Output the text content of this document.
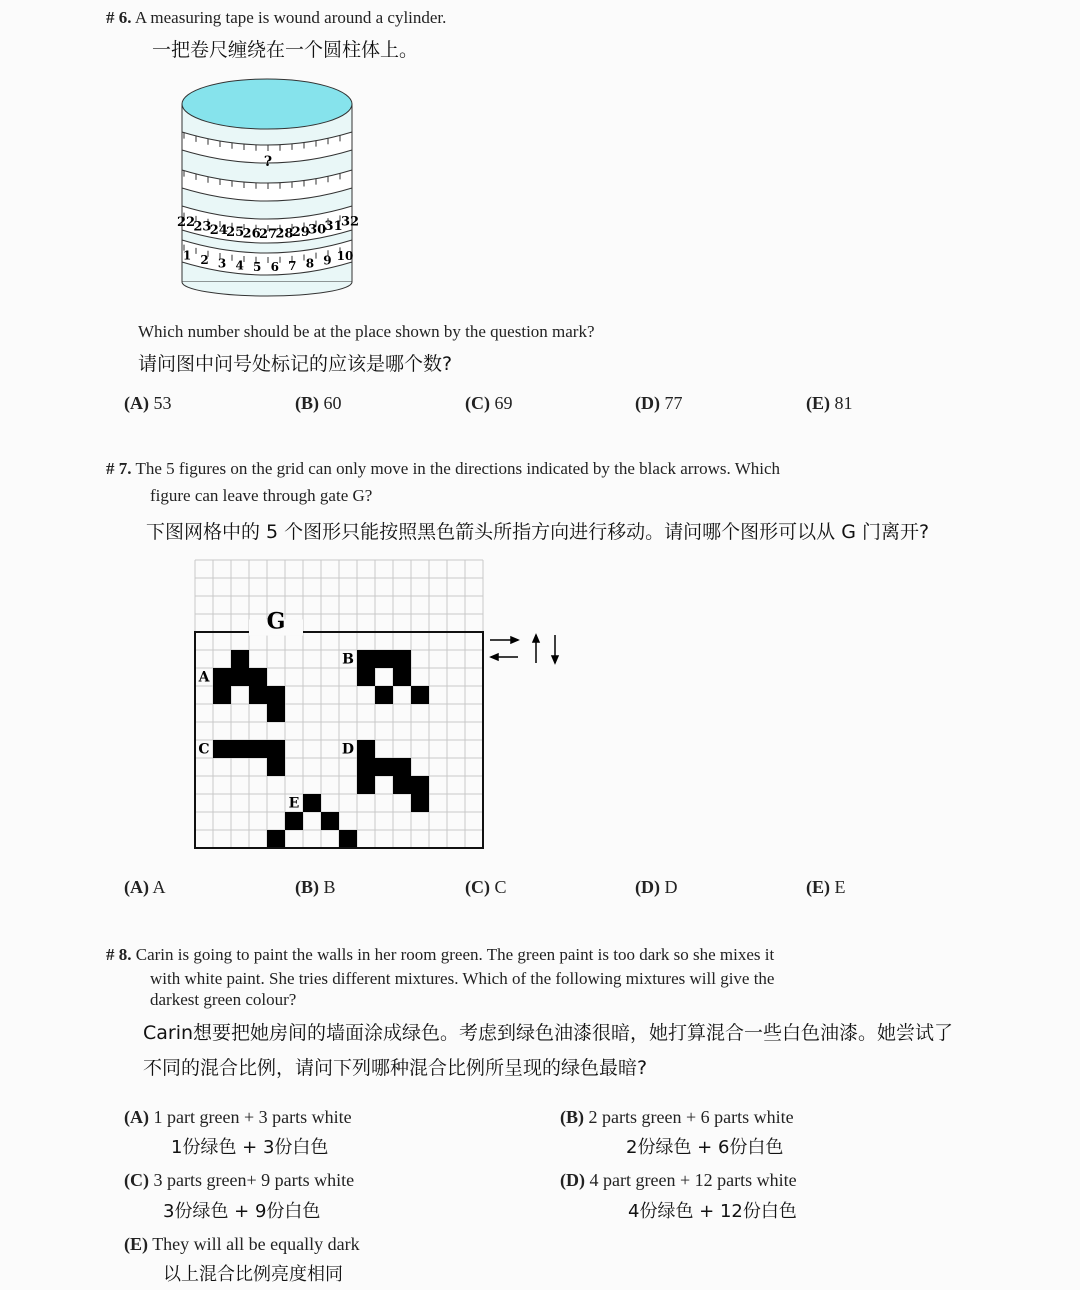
# 6. A measuring tape is wound around a cylinder.
一把卷尺缠绕在一个圆柱体上。
?
22
23
24
25
26
27
28
29
30
31
32
1 2 3 4 5 6 7 8 9 10
Which number should be at the place shown by the question mark?
请问图中问号处标记的应该是哪个数?
# 7. The 5 figures on the grid can only move in the directions indicated by the black arrows. Which
figure can leave through gate G?
下图网格中的 5 个图形只能按照黑色箭头所指方向进行移动。请问哪个图形可以从 G 门离开?
G
A
B
C	D
E
# 8. Carin is going to paint the walls in her room green. The green paint is too dark so she mixes it
with white paint. She tries different mixtures. Which of the following mixtures will give the
darkest green colour?
Carin想要把她房间的墙面涂成绿色。考虑到绿色油漆很暗，她打算混合一些白色油漆。她尝试了
不同的混合比例，请问下列哪种混合比例所呈现的绿色最暗?
(A) 53	(B) 60	(C) 69	(D) 77	(E) 81
(A) A	(B) B	(C) C	(D) D	(E) E
(A) 1 part green + 3 parts white
1份绿色 + 3份白色
(B) 2 parts green + 6 parts white
2份绿色 + 6份白色
(C) 3 parts green+ 9 parts white
3份绿色 + 9份白色
(D) 4 part green + 12 parts white
4份绿色 + 12份白色
(E) They will all be equally dark
以上混合比例亮度相同
